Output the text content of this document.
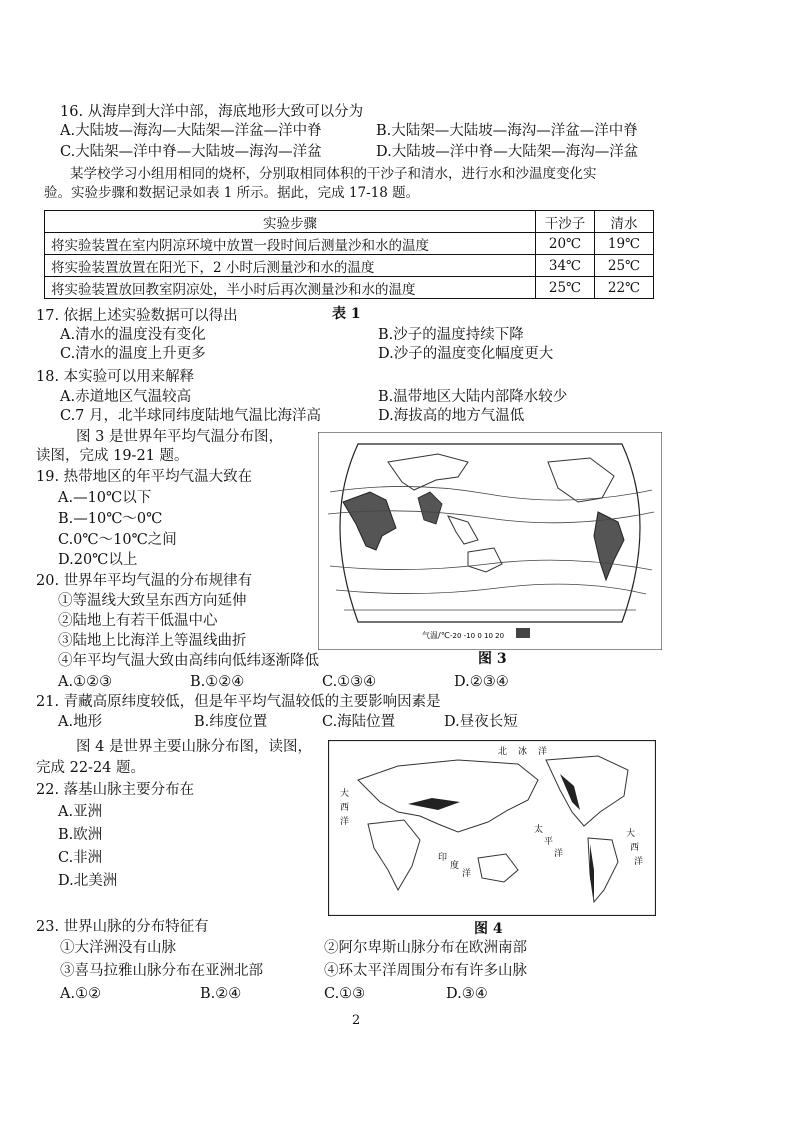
16. 从海岸到大洋中部，海底地形大致可以分为
A.大陆坡—海沟—大陆架—洋盆—洋中脊	B.大陆架—大陆坡—海沟—洋盆—洋中脊
C.大陆架—洋中脊—大陆坡—海沟—洋盆	D.大陆坡—洋中脊—大陆架—海沟—洋盆
某学校学习小组用相同的烧杯，分别取相同体积的干沙子和清水，进行水和沙温度变化实
验。实验步骤和数据记录如表 1 所示。据此，完成 17-18 题。
实验步骤	干沙子	清水
将实验装置在室内阴凉环境中放置一段时间后测量沙和水的温度	20℃	19℃
将实验装置放置在阳光下，2 小时后测量沙和水的温度	34℃	25℃
将实验装置放回教室阴凉处，半小时后再次测量沙和水的温度	25℃	22℃
表 1
17. 依据上述实验数据可以得出
A.清水的温度没有变化	B.沙子的温度持续下降
C.清水的温度上升更多	D.沙子的温度变化幅度更大
18. 本实验可以用来解释
A.赤道地区气温较高	B.温带地区大陆内部降水较少
C.7 月，北半球同纬度陆地气温比海洋高	D.海拔高的地方气温低
图 3 是世界年平均气温分布图，
读图，完成 19-21 题。
19. 热带地区的年平均气温大致在
A.—10℃以下
B.—10℃～0℃
C.0℃～10℃之间
D.20℃以上
20. 世界年平均气温的分布规律有
①等温线大致呈东西方向延伸
②陆地上有若干低温中心
③陆地上比海洋上等温线曲折
④年平均气温大致由高纬向低纬逐渐降低
A.①②③	B.①②④	C.①③④	D.②③④
气温/℃ -20 -10 0 10 20
图 3
21. 青藏高原纬度较低，但是年平均气温较低的主要影响因素是
A.地形	B.纬度位置	C.海陆位置	D.昼夜长短
图 4 是世界主要山脉分布图，读图，
完成 22-24 题。
22. 落基山脉主要分布在
A.亚洲
B.欧洲
C.非洲
D.北美洲
北 冰 洋
大
西
洋
太
平
洋
印
度
洋
大
西
洋
图 4
23. 世界山脉的分布特征有
①大洋洲没有山脉	②阿尔卑斯山脉分布在欧洲南部
③喜马拉雅山脉分布在亚洲北部	④环太平洋周围分布有许多山脉
A.①②	B.②④	C.①③	D.③④
2
